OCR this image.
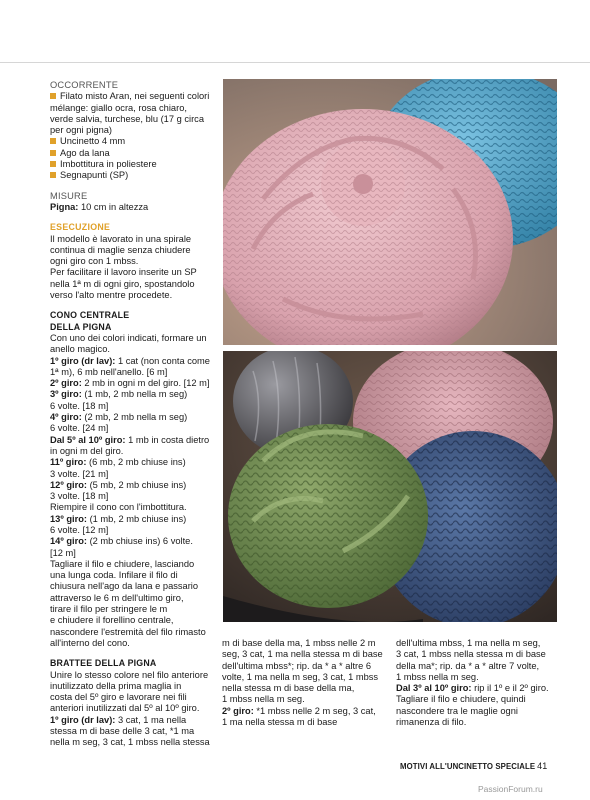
OCCORRENTE

Filato misto Aran, nei seguenti colori

mélange: giallo ocra, rosa chiaro,

verde salvia, turchese, blu (17 g circa

per ogni pigna)

Uncinetto 4 mm
Ago da lana
Imbottitura in poliestere
Segnapunti (SP)

MISURE

Pigna: 10 cm in altezza

ESECUZIONE

Il modello è lavorato in una spirale

continua di maglie senza chiudere

ogni giro con 1 mbss.

Per facilitare il lavoro inserite un SP

nella 1ª m di ogni giro, spostandolo

verso l'alto mentre procedete.

CONO CENTRALE

DELLA PIGNA

Con uno dei colori indicati, formare un

anello magico.

1º giro (dr lav): 1 cat (non conta come

1ª m), 6 mb nell'anello. [6 m]

2º giro: 2 mb in ogni m del giro. [12 m]

3º giro: (1 mb, 2 mb nella m seg)

6 volte. [18 m]

4º giro: (2 mb, 2 mb nella m seg)

6 volte. [24 m]

Dal 5º al 10º giro: 1 mb in costa dietro

in ogni m del giro.

11º giro: (6 mb, 2 mb chiuse ins)

3 volte. [21 m]

12º giro: (5 mb, 2 mb chiuse ins)

3 volte. [18 m]

Riempire il cono con l'imbottitura.

13º giro: (1 mb, 2 mb chiuse ins)

6 volte. [12 m]

14º giro: (2 mb chiuse ins) 6 volte.

[12 m]

Tagliare il filo e chiudere, lasciando

una lunga coda. Infilare il filo di

chiusura nell'ago da lana e passario

attraverso le 6 m dell'ultimo giro,

tirare il filo per stringere le m

e chiudere il forellino centrale,

nascondere l'estremità del filo rimasto

all'interno del cono.

BRATTEE DELLA PIGNA

Unire lo stesso colore nel filo anteriore

inutilizzato della prima maglia in

costa del 5º giro e lavorare nei fili

anteriori inutilizzati dal 5º al 10º giro.

1º giro (dr lav): 3 cat, 1 ma nella

stessa m di base delle 3 cat, *1 ma

nella m seg, 3 cat, 1 mbss nella stessa

m di base della ma, 1 mbss nelle 2 m

seg, 3 cat, 1 ma nella stessa m di base

dell'ultima mbss*; rip. da * a * altre 6

volte, 1 ma nella m seg, 3 cat, 1 mbss

nella stessa m di base della ma,

1 mbss nella m seg.

2º giro: *1 mbss nelle 2 m seg, 3 cat,

1 ma nella stessa m di base

dell'ultima mbss, 1 ma nella m seg,

3 cat, 1 mbss nella stessa m di base

della ma*; rip. da * a * altre 7 volte,

1 mbss nella m seg.

Dal 3º al 10º giro: rip il 1º e il 2º giro.

Tagliare il filo e chiudere, quindi

nascondere tra le maglie ogni

rimanenza di filo.

MOTIVI ALL'UNCINETTO SPECIALE 41
PassionForum.ru
